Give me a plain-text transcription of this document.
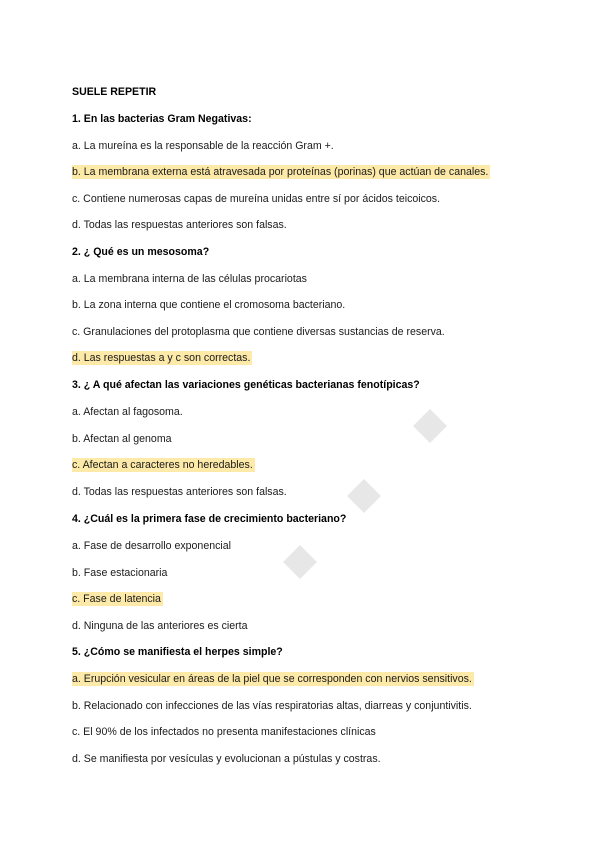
SUELE REPETIR
1. En las bacterias Gram Negativas:
a. La mureína es la responsable de la reacción Gram +.
b. La membrana externa está atravesada por proteínas (porinas) que actúan de canales.
c. Contiene numerosas capas de mureína unidas entre sí por ácidos teicoicos.
d. Todas las respuestas anteriores son falsas.
2. ¿ Qué es un mesosoma?
a. La membrana interna de las células procariotas
b. La zona interna que contiene el cromosoma bacteriano.
c. Granulaciones del protoplasma que contiene diversas sustancias de reserva.
d. Las respuestas a y c son correctas.
3. ¿ A qué afectan las variaciones genéticas bacterianas fenotípicas?
a. Afectan al fagosoma.
b. Afectan al genoma
c. Afectan a caracteres no heredables.
d. Todas las respuestas anteriores son falsas.
4. ¿Cuál es la primera fase de crecimiento bacteriano?
a. Fase de desarrollo exponencial
b. Fase estacionaria
c. Fase de latencia
d. Ninguna de las anteriores es cierta
5. ¿Cómo se manifiesta el herpes simple?
a. Erupción vesicular en áreas de la piel que se corresponden con nervios sensitivos.
b. Relacionado con infecciones de las vías respiratorias altas, diarreas y conjuntivitis.
c. El 90% de los infectados no presenta manifestaciones clínicas
d. Se manifiesta por vesículas y evolucionan a pústulas y costras.
